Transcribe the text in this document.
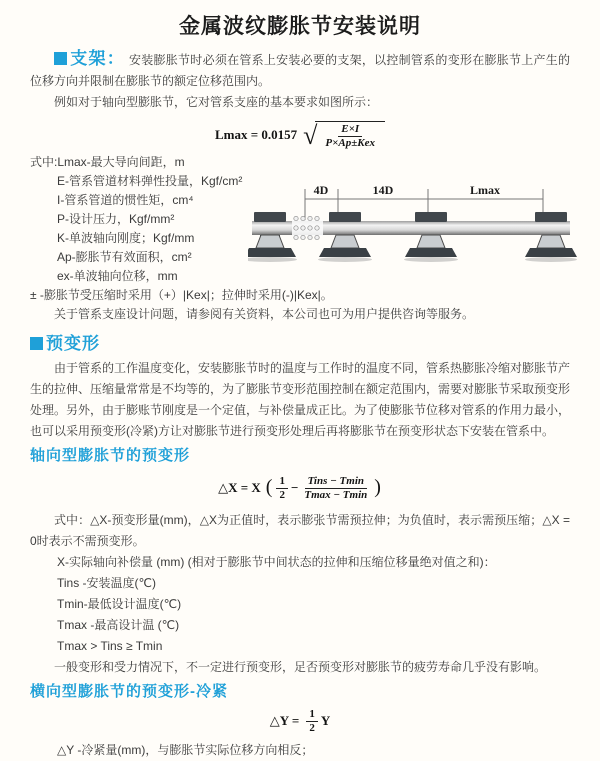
金属波纹膨胀节安装说明

支架： 安装膨胀节时必须在管系上安装必要的支架，以控制管系的变形在膨胀节上产生的位移方向并限制在膨胀节的额定位移范围内。

例如对于轴向型膨胀节，它对管系支座的基本要求如图所示：

Lmax = 0.0157 √ $\frac{E\times I}{\text{P×Ap±Kex}}$

式中:Lmax-最大导向间距，m

E-管系管道材料弹性投量，Kgf/cm²

I-管系管道的惯性矩，cm⁴

P-设计压力，Kgf/mm²

K-单波轴向刚度；Kgf/mm

Ap-膨胀节有效面积，cm²

ex-单波轴向位移，mm

± -膨胀节受压缩时采用（+）|Kex|；拉伸时采用(-)|Kex|。

关于管系支座设计问题，请参阅有关资料，本公司也可为用户提供咨询等服务。

4D	14D	Lmax
预变形

由于管系的工作温度变化，安装膨胀节时的温度与工作时的温度不同，管系热膨胀冷缩对膨胀节产生的拉伸、压缩量常常是不均等的，为了膨胀节变形范围控制在额定范围内，需要对膨胀节采取预变形处理。另外，由于膨账节刚度是一个定值，与补偿量成正比。为了使膨胀节位移对管系的作用力最小，也可以采用预变形(冷紧)方让对膨胀节进行预变形处理后再将膨胀节在预变形状态下安装在管系中。

轴向型膨胀节的预变形
△X = X ( $\frac{1}{2} - \frac{\text{Tins − Tmin}}{Tmax - Tmin}$ )

式中：△X-预变形量(mm)，△X为正值时，表示膨张节需预拉伸；为负值时，表示需预压缩；△X = 0时表示不需预变形。

X-实际轴向补偿量 (mm) (相对于膨胀节中间状态的拉伸和压缩位移量绝对值之和)：

Tins -安装温度(℃)

Tmin-最低设计温度(℃)

Tmax -最高设计温 (℃)

Tmax > Tins ≥ Tmin

一般变形和受力情况下，不一定进行预变形，足否预变形对膨胀节的疲劳寿命几乎没有影响。

横向型膨胀节的预变形-冷紧
△Y = $\frac{1}{2}$ Y

△Y -冷紧量(mm)，与膨胀节实际位移方向相反；
